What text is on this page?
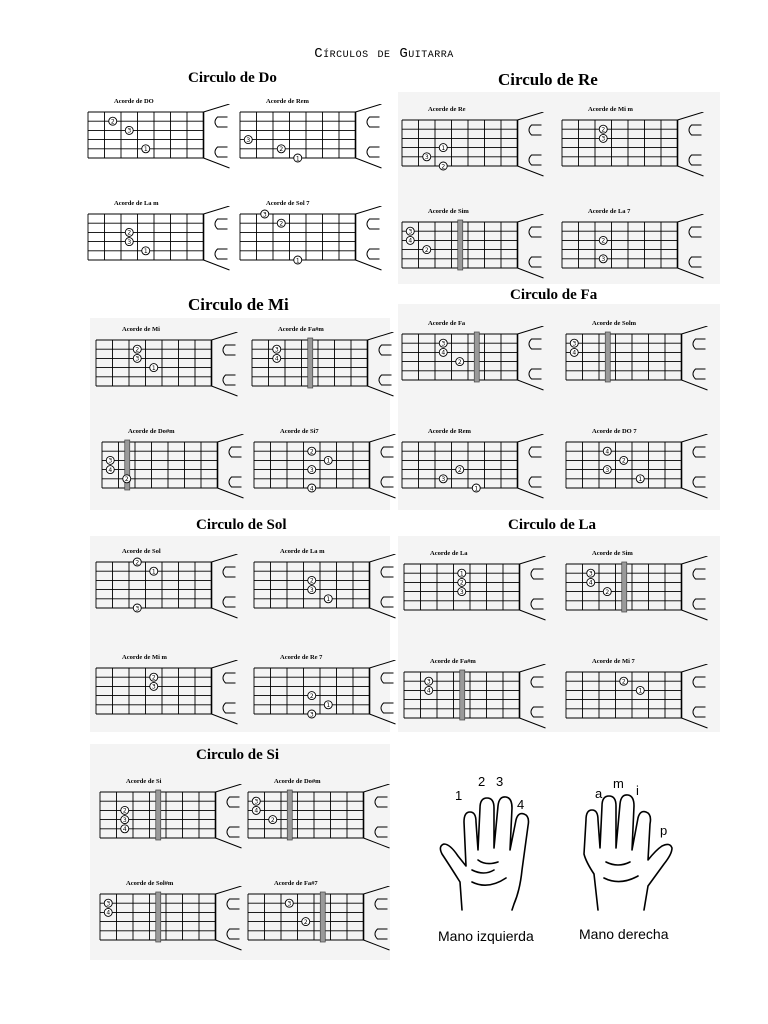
Círculos de Guitarra
Circulo de Do	Circulo de Re
Circulo de Mi	Circulo de Fa
Circulo de Sol	Circulo de La
Circulo de Si
Acorde de DO
2
3
1
Acorde de Rem
2
3
1
Acorde de La m
2
3
1
Acorde de Sol 7
3
2
1
Acorde de Re
1
3
2
Acorde de Mi m
2
3
Acorde de Sim
3
4
2
Acorde de La 7
2
3
Acorde de Mi
2
3
1
Acorde de Fa#m
3
4
Acorde de Do#m
3
4
2
Acorde de Si7
2
1
3
4
Acorde de Fa
3
4
2
Acorde de Solm
3
4
Acorde de Rem
2
3
1
Acorde de DO 7
4
2
3
1
Acorde de Sol
2
1
3
Acorde de La m
2
3
1
Acorde de Mi m
2
3
Acorde de Re 7
2
1
3
Acorde de La
1
2
3
Acorde de Sim
3
4
2
Acorde de Fa#m
3
4
Acorde de Mi 7
2
1
Acorde de Si
2
3
4
Acorde de Do#m
3
4
2
Acorde de Sol#m
3
4
Acorde de Fa#7
3
2
1
2 3
4
Mano izquierda
a
m i
p
Mano derecha
